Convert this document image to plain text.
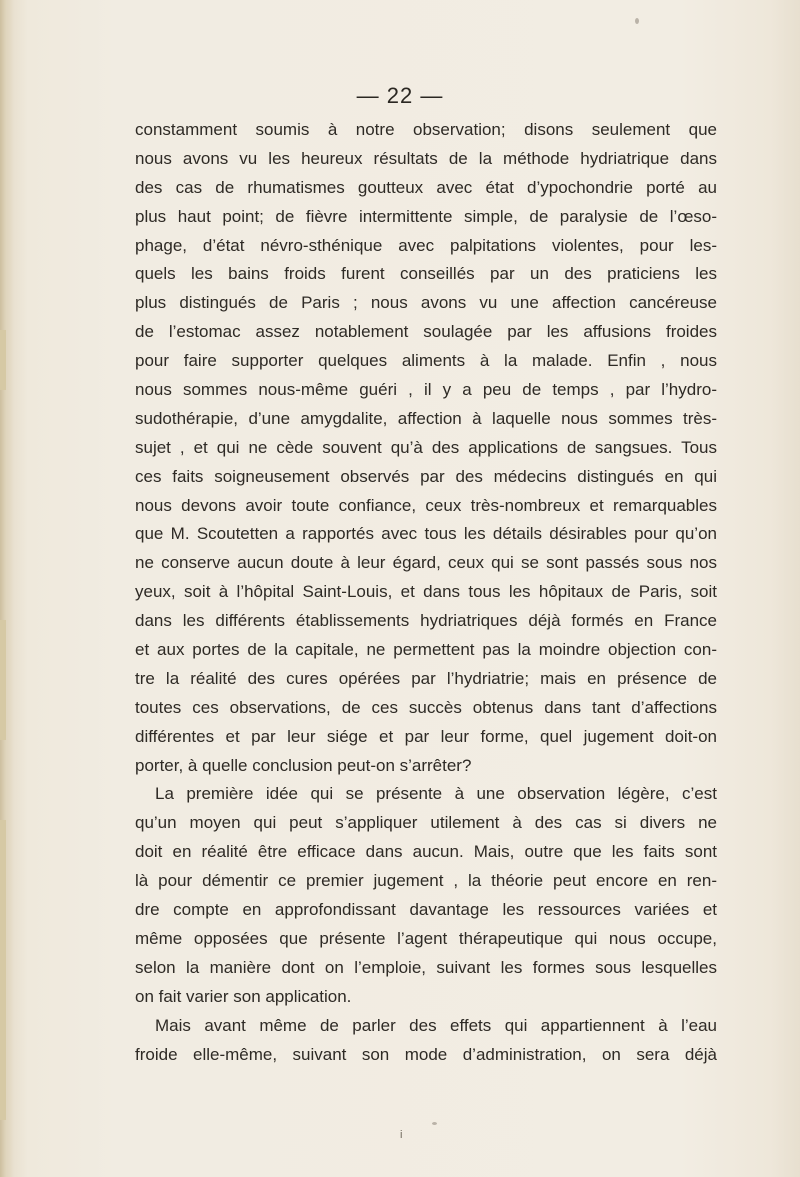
— 22 —
constamment soumis à notre observation; disons seulement que
nous avons vu les heureux résultats de la méthode hydriatrique dans
des cas de rhumatismes goutteux avec état d’ypochondrie porté au
plus haut point; de fièvre intermittente simple, de paralysie de l’œso-
phage, d’état névro-sthénique avec palpitations violentes, pour les-
quels les bains froids furent conseillés par un des praticiens les
plus distingués de Paris ; nous avons vu une affection cancéreuse
de l’estomac assez notablement soulagée par les affusions froides
pour faire supporter quelques aliments à la malade. Enfin , nous
nous sommes nous-même guéri , il y a peu de temps , par l’hydro-
sudothérapie, d’une amygdalite, affection à laquelle nous sommes très-
sujet , et qui ne cède souvent qu’à des applications de sangsues. Tous
ces faits soigneusement observés par des médecins distingués en qui
nous devons avoir toute confiance, ceux très-nombreux et remarquables
que M. Scoutetten a rapportés avec tous les détails désirables pour qu’on
ne conserve aucun doute à leur égard, ceux qui se sont passés sous nos
yeux, soit à l’hôpital Saint-Louis, et dans tous les hôpitaux de Paris, soit
dans les différents établissements hydriatriques déjà formés en France
et aux portes de la capitale, ne permettent pas la moindre objection con-
tre la réalité des cures opérées par l’hydriatrie; mais en présence de
toutes ces observations, de ces succès obtenus dans tant d’affections
différentes et par leur siége et par leur forme, quel jugement doit-on
porter, à quelle conclusion peut-on s’arrêter?
La première idée qui se présente à une observation légère, c’est
qu’un moyen qui peut s’appliquer utilement à des cas si divers ne
doit en réalité être efficace dans aucun. Mais, outre que les faits sont
là pour démentir ce premier jugement , la théorie peut encore en ren-
dre compte en approfondissant davantage les ressources variées et
même opposées que présente l’agent thérapeutique qui nous occupe,
selon la manière dont on l’emploie, suivant les formes sous lesquelles
on fait varier son application.
Mais avant même de parler des effets qui appartiennent à l’eau
froide elle-même, suivant son mode d’administration, on sera déjà
i
